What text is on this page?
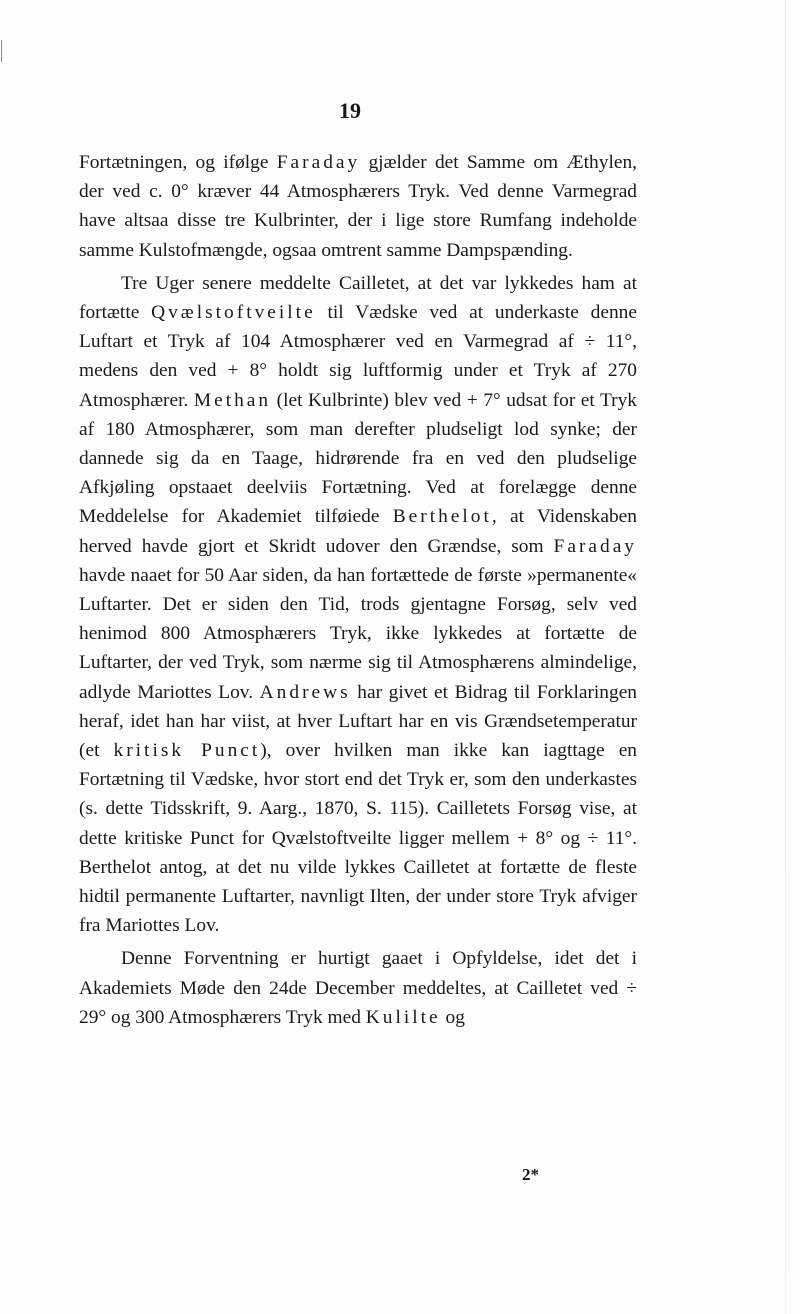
19

Fortætningen, og ifølge Faraday gjælder det Samme om Æthylen, der ved c. 0° kræver 44 Atmosphærers Tryk. Ved denne Varmegrad have altsaa disse tre Kulbrinter, der i lige store Rumfang indeholde samme Kulstofmængde, ogsaa omtrent samme Dampspænding.

Tre Uger senere meddelte Cailletet, at det var lykkedes ham at fortætte Qvælstoftveilte til Vædske ved at underkaste denne Luftart et Tryk af 104 Atmosphærer ved en Varmegrad af ÷ 11°, medens den ved + 8° holdt sig luftformig under et Tryk af 270 Atmosphærer. Methan (let Kulbrinte) blev ved + 7° udsat for et Tryk af 180 Atmosphærer, som man derefter pludseligt lod synke; der dannede sig da en Taage, hidrørende fra en ved den pludselige Afkjøling opstaaet deelviis Fortætning. Ved at forelægge denne Meddelelse for Akademiet tilføiede Berthelot, at Videnskaben herved havde gjort et Skridt udover den Grændse, som Faraday havde naaet for 50 Aar siden, da han fortættede de første »permanente« Luftarter. Det er siden den Tid, trods gjentagne Forsøg, selv ved henimod 800 Atmosphærers Tryk, ikke lykkedes at fortætte de Luftarter, der ved Tryk, som nærme sig til Atmosphærens almindelige, adlyde Mariottes Lov. Andrews har givet et Bidrag til Forklaringen heraf, idet han har viist, at hver Luftart har en vis Grændsetemperatur (et kritisk Punct), over hvilken man ikke kan iagttage en Fortætning til Vædske, hvor stort end det Tryk er, som den underkastes (s. dette Tidsskrift, 9. Aarg., 1870, S. 115). Cailletets Forsøg vise, at dette kritiske Punct for Qvælstoftveilte ligger mellem + 8° og ÷ 11°. Berthelot antog, at det nu vilde lykkes Cailletet at fortætte de fleste hidtil permanente Luftarter, navnligt Ilten, der under store Tryk afviger fra Mariottes Lov.

Denne Forventning er hurtigt gaaet i Opfyldelse, idet det i Akademiets Møde den 24de December meddeltes, at Cailletet ved ÷ 29° og 300 Atmosphærers Tryk med Kulilte og

2*
